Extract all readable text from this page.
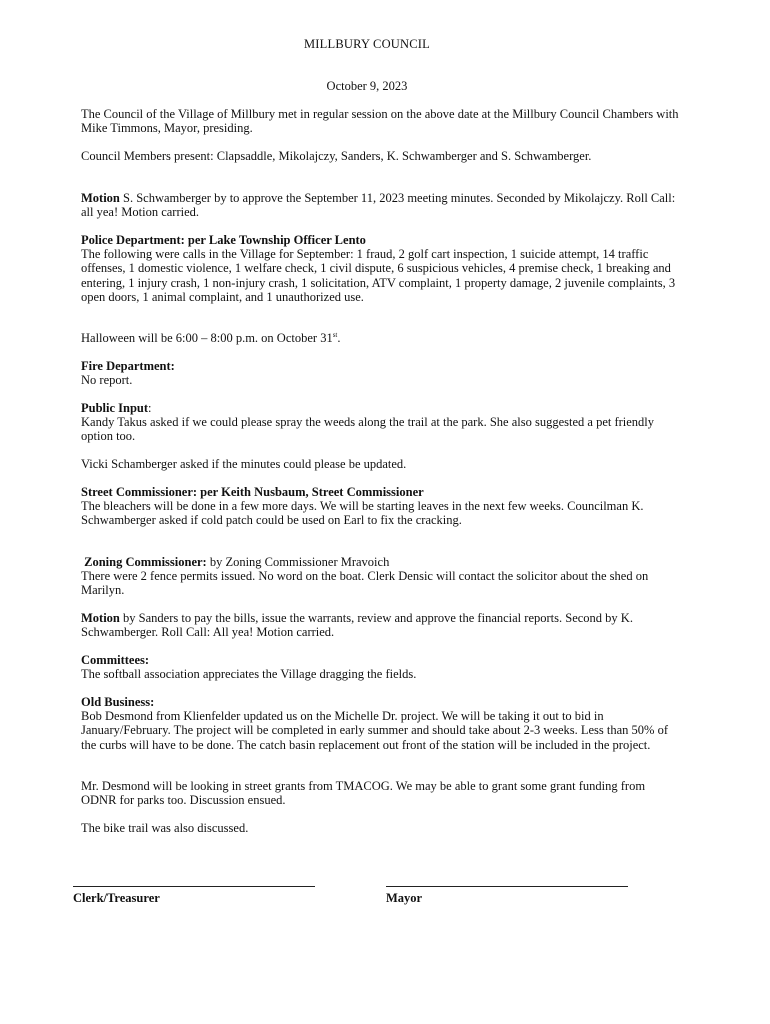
MILLBURY COUNCIL
October 9, 2023

The Council of the Village of Millbury met in regular session on the above date at the Millbury Council Chambers with Mike Timmons, Mayor, presiding.

Council Members present: Clapsaddle, Mikolajczy, Sanders, K. Schwamberger and S. Schwamberger.

Motion S. Schwamberger by to approve the September 11, 2023 meeting minutes. Seconded by Mikolajczy. Roll Call: all yea! Motion carried.

Police Department: per Lake Township Officer Lento

The following were calls in the Village for September: 1 fraud, 2 golf cart inspection, 1 suicide attempt, 14 traffic offenses, 1 domestic violence, 1 welfare check, 1 civil dispute, 6 suspicious vehicles, 4 premise check, 1 breaking and entering, 1 injury crash, 1 non-injury crash, 1 solicitation, ATV complaint, 1 property damage, 2 juvenile complaints, 3 open doors, 1 animal complaint, and 1 unauthorized use.

Halloween will be 6:00 – 8:00 p.m. on October 31st.

Fire Department:

No report.

Public Input:

Kandy Takus asked if we could please spray the weeds along the trail at the park. She also suggested a pet friendly option too.

Vicki Schamberger asked if the minutes could please be updated.

Street Commissioner: per Keith Nusbaum, Street Commissioner

The bleachers will be done in a few more days. We will be starting leaves in the next few weeks. Councilman K. Schwamberger asked if cold patch could be used on Earl to fix the cracking.

Zoning Commissioner: by Zoning Commissioner Mravoich

There were 2 fence permits issued. No word on the boat. Clerk Densic will contact the solicitor about the shed on Marilyn.

Motion by Sanders to pay the bills, issue the warrants, review and approve the financial reports. Second by K. Schwamberger. Roll Call: All yea! Motion carried.

Committees:

The softball association appreciates the Village dragging the fields.

Old Business:

Bob Desmond from Klienfelder updated us on the Michelle Dr. project. We will be taking it out to bid in January/February. The project will be completed in early summer and should take about 2-3 weeks. Less than 50% of the curbs will have to be done. The catch basin replacement out front of the station will be included in the project.

Mr. Desmond will be looking in street grants from TMACOG. We may be able to grant some grant funding from ODNR for parks too. Discussion ensued.

The bike trail was also discussed.

Clerk/Treasurer	Mayor
